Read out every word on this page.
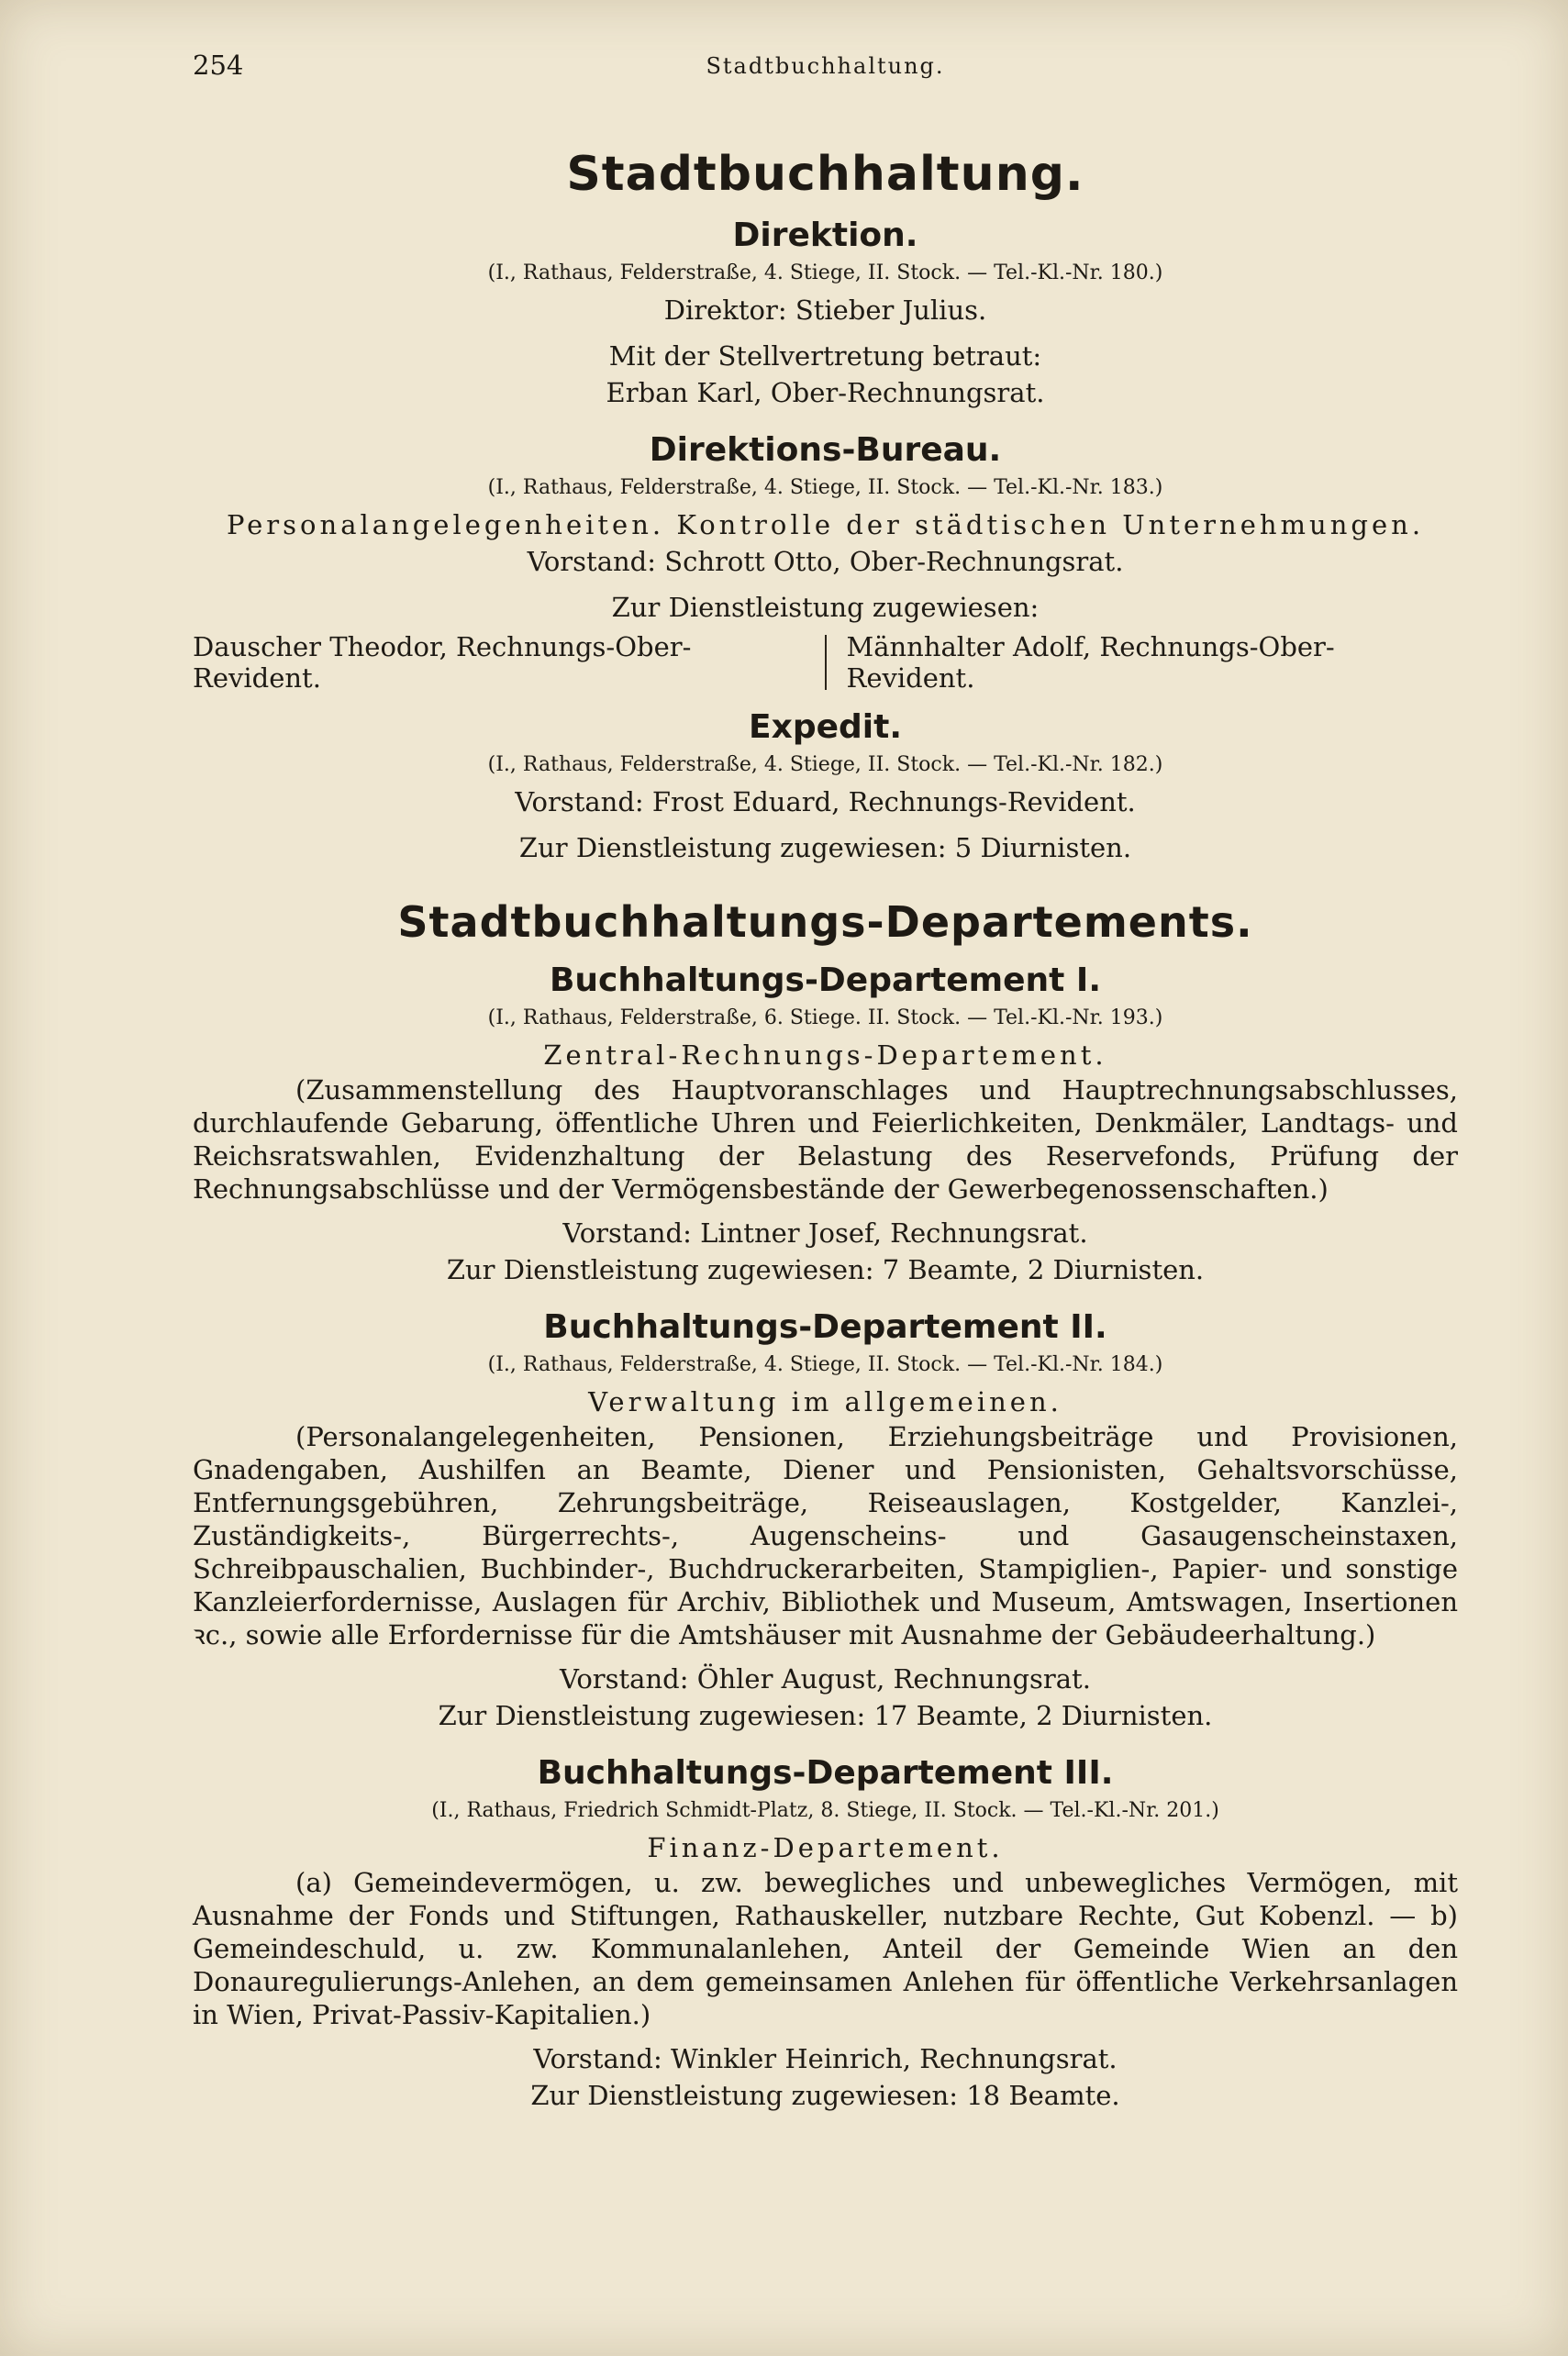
254	Stadtbuchhaltung.
Stadtbuchhaltung.
Direktion.
(I., Rathaus, Felderstraße, 4. Stiege, II. Stock. — Tel.-Kl.-Nr. 180.)
Direktor: Stieber Julius.
Mit der Stellvertretung betraut:
Erban Karl, Ober-Rechnungsrat.
Direktions-Bureau.
(I., Rathaus, Felderstraße, 4. Stiege, II. Stock. — Tel.-Kl.-Nr. 183.)
Personalangelegenheiten. Kontrolle der städtischen Unternehmungen.
Vorstand: Schrott Otto, Ober-Rechnungsrat.
Zur Dienstleistung zugewiesen:
Dauscher Theodor, Rechnungs-Ober-Revident.
Männhalter Adolf, Rechnungs-Ober-Revident.
Expedit.
(I., Rathaus, Felderstraße, 4. Stiege, II. Stock. — Tel.-Kl.-Nr. 182.)
Vorstand: Frost Eduard, Rechnungs-Revident.
Zur Dienstleistung zugewiesen: 5 Diurnisten.
Stadtbuchhaltungs-Departements.
Buchhaltungs-Departement I.
(I., Rathaus, Felderstraße, 6. Stiege. II. Stock. — Tel.-Kl.-Nr. 193.)
Zentral-Rechnungs-Departement.
(Zusammenstellung des Hauptvoranschlages und Hauptrechnungsabschlusses, durchlaufende Gebarung, öffentliche Uhren und Feierlichkeiten, Denkmäler, Landtags- und Reichsratswahlen, Evidenzhaltung der Belastung des Reservefonds, Prüfung der Rechnungsabschlüsse und der Vermögensbestände der Gewerbegenossenschaften.)
Vorstand: Lintner Josef, Rechnungsrat.
Zur Dienstleistung zugewiesen: 7 Beamte, 2 Diurnisten.
Buchhaltungs-Departement II.
(I., Rathaus, Felderstraße, 4. Stiege, II. Stock. — Tel.-Kl.-Nr. 184.)
Verwaltung im allgemeinen.
(Personalangelegenheiten, Pensionen, Erziehungsbeiträge und Provisionen, Gnadengaben, Aushilfen an Beamte, Diener und Pensionisten, Gehaltsvorschüsse, Entfernungsgebühren, Zehrungsbeiträge, Reiseauslagen, Kostgelder, Kanzlei-, Zuständigkeits-, Bürgerrechts-, Augenscheins- und Gasaugenscheinstaxen, Schreibpauschalien, Buchbinder-, Buchdruckerarbeiten, Stampiglien-, Papier- und sonstige Kanzleierfordernisse, Auslagen für Archiv, Bibliothek und Museum, Amtswagen, Insertionen ꝛc., sowie alle Erfordernisse für die Amtshäuser mit Ausnahme der Gebäudeerhaltung.)
Vorstand: Öhler August, Rechnungsrat.
Zur Dienstleistung zugewiesen: 17 Beamte, 2 Diurnisten.
Buchhaltungs-Departement III.
(I., Rathaus, Friedrich Schmidt-Platz, 8. Stiege, II. Stock. — Tel.-Kl.-Nr. 201.)
Finanz-Departement.
(a) Gemeindevermögen, u. zw. bewegliches und unbewegliches Vermögen, mit Ausnahme der Fonds und Stiftungen, Rathauskeller, nutzbare Rechte, Gut Kobenzl. — b) Gemeindeschuld, u. zw. Kommunalanlehen, Anteil der Gemeinde Wien an den Donauregulierungs-Anlehen, an dem gemeinsamen Anlehen für öffentliche Verkehrsanlagen in Wien, Privat-Passiv-Kapitalien.)
Vorstand: Winkler Heinrich, Rechnungsrat.
Zur Dienstleistung zugewiesen: 18 Beamte.
